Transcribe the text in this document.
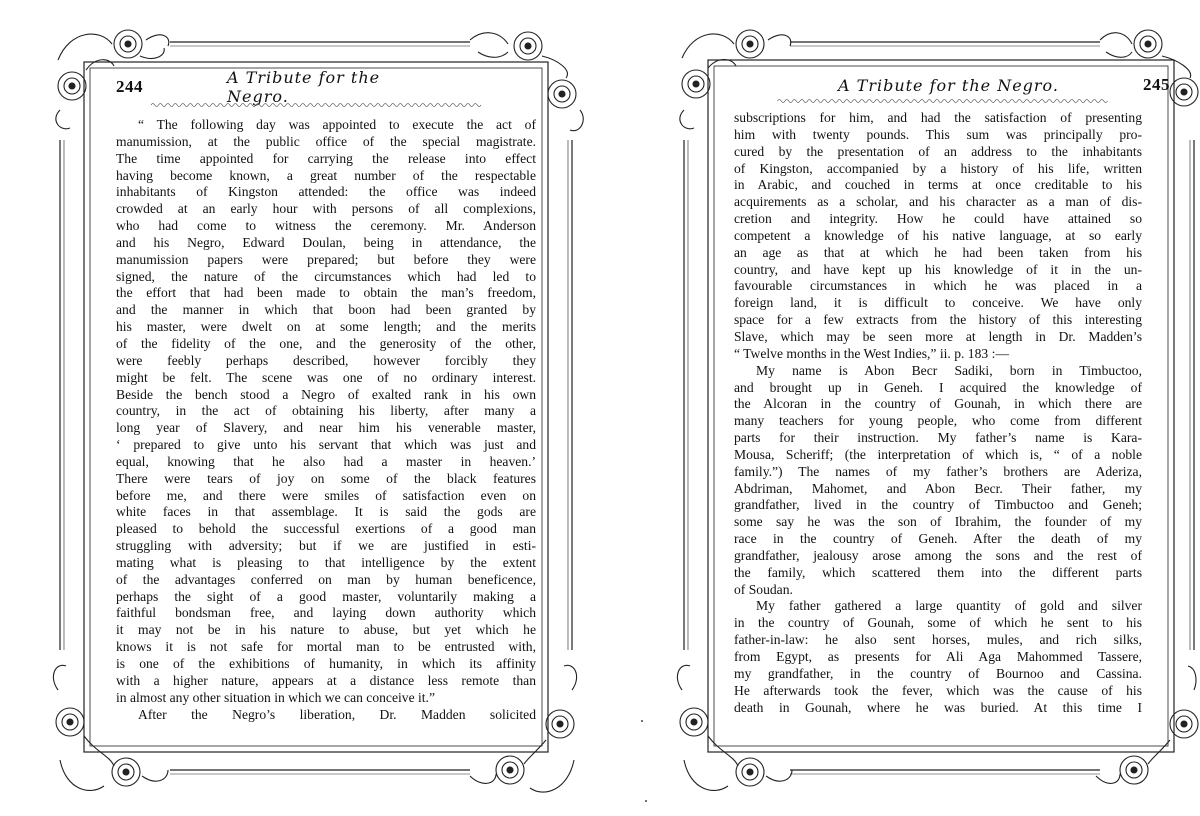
244	A Tribute for the Negro.
“ The following day was appointed to execute the act of
manumission, at the public office of the special magistrate.
The time appointed for carrying the release into effect
having become known, a great number of the respectable
inhabitants of Kingston attended: the office was indeed
crowded at an early hour with persons of all complexions,
who had come to witness the ceremony. Mr. Anderson
and his Negro, Edward Doulan, being in attendance, the
manumission papers were prepared; but before they were
signed, the nature of the circumstances which had led to
the effort that had been made to obtain the man’s freedom,
and the manner in which that boon had been granted by
his master, were dwelt on at some length; and the merits
of the fidelity of the one, and the generosity of the other,
were feebly perhaps described, however forcibly they
might be felt. The scene was one of no ordinary interest.
Beside the bench stood a Negro of exalted rank in his own
country, in the act of obtaining his liberty, after many a
long year of Slavery, and near him his venerable master,
‘ prepared to give unto his servant that which was just and
equal, knowing that he also had a master in heaven.’
There were tears of joy on some of the black features
before me, and there were smiles of satisfaction even on
white faces in that assemblage. It is said the gods are
pleased to behold the successful exertions of a good man
struggling with adversity; but if we are justified in esti-
mating what is pleasing to that intelligence by the extent
of the advantages conferred on man by human beneficence,
perhaps the sight of a good master, voluntarily making a
faithful bondsman free, and laying down authority which
it may not be in his nature to abuse, but yet which he
knows it is not safe for mortal man to be entrusted with,
is one of the exhibitions of humanity, in which its affinity
with a higher nature, appears at a distance less remote than
in almost any other situation in which we can conceive it.”
After the Negro’s liberation, Dr. Madden solicited
A Tribute for the Negro.	245
subscriptions for him, and had the satisfaction of presenting
him with twenty pounds. This sum was principally pro-
cured by the presentation of an address to the inhabitants
of Kingston, accompanied by a history of his life, written
in Arabic, and couched in terms at once creditable to his
acquirements as a scholar, and his character as a man of dis-
cretion and integrity. How he could have attained so
competent a knowledge of his native language, at so early
an age as that at which he had been taken from his
country, and have kept up his knowledge of it in the un-
favourable circumstances in which he was placed in a
foreign land, it is difficult to conceive. We have only
space for a few extracts from the history of this interesting
Slave, which may be seen more at length in Dr. Madden’s
“ Twelve months in the West Indies,” ii. p. 183 :—
My name is Abon Becr Sadiki, born in Timbuctoo,
and brought up in Geneh. I acquired the knowledge of
the Alcoran in the country of Gounah, in which there are
many teachers for young people, who come from different
parts for their instruction. My father’s name is Kara-
Mousa, Scheriff; (the interpretation of which is, “ of a noble
family.”) The names of my father’s brothers are Aderiza,
Abdriman, Mahomet, and Abon Becr. Their father, my
grandfather, lived in the country of Timbuctoo and Geneh;
some say he was the son of Ibrahim, the founder of my
race in the country of Geneh. After the death of my
grandfather, jealousy arose among the sons and the rest of
the family, which scattered them into the different parts
of Soudan.
My father gathered a large quantity of gold and silver
in the country of Gounah, some of which he sent to his
father-in-law: he also sent horses, mules, and rich silks,
from Egypt, as presents for Ali Aga Mahommed Tassere,
my grandfather, in the country of Bournoo and Cassina.
He afterwards took the fever, which was the cause of his
death in Gounah, where he was buried. At this time I
